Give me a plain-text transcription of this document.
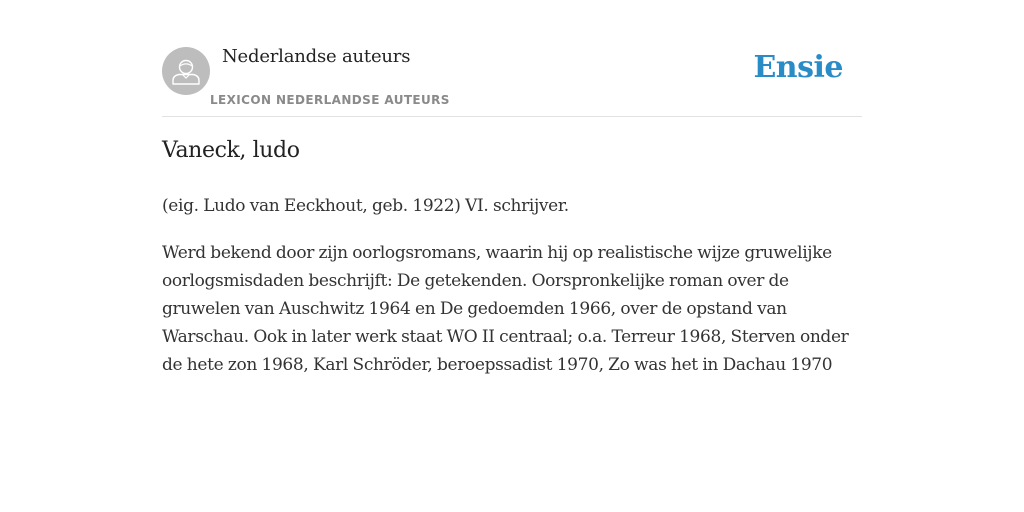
Nederlandse auteurs
LEXICON NEDERLANDSE AUTEURS
Ensie
Vaneck, ludo

(eig. Ludo van Eeckhout, geb. 1922) VI. schrijver.

Werd bekend door zijn oorlogsromans, waarin hij op realistische wijze gruwelijke oorlogsmisdaden beschrijft: De getekenden. Oorspronkelijke roman over de gruwelen van Auschwitz 1964 en De gedoemden 1966, over de opstand van Warschau. Ook in later werk staat WO II centraal; o.a. Terreur 1968, Sterven onder de hete zon 1968, Karl Schröder, beroepssadist 1970, Zo was het in Dachau 1970
